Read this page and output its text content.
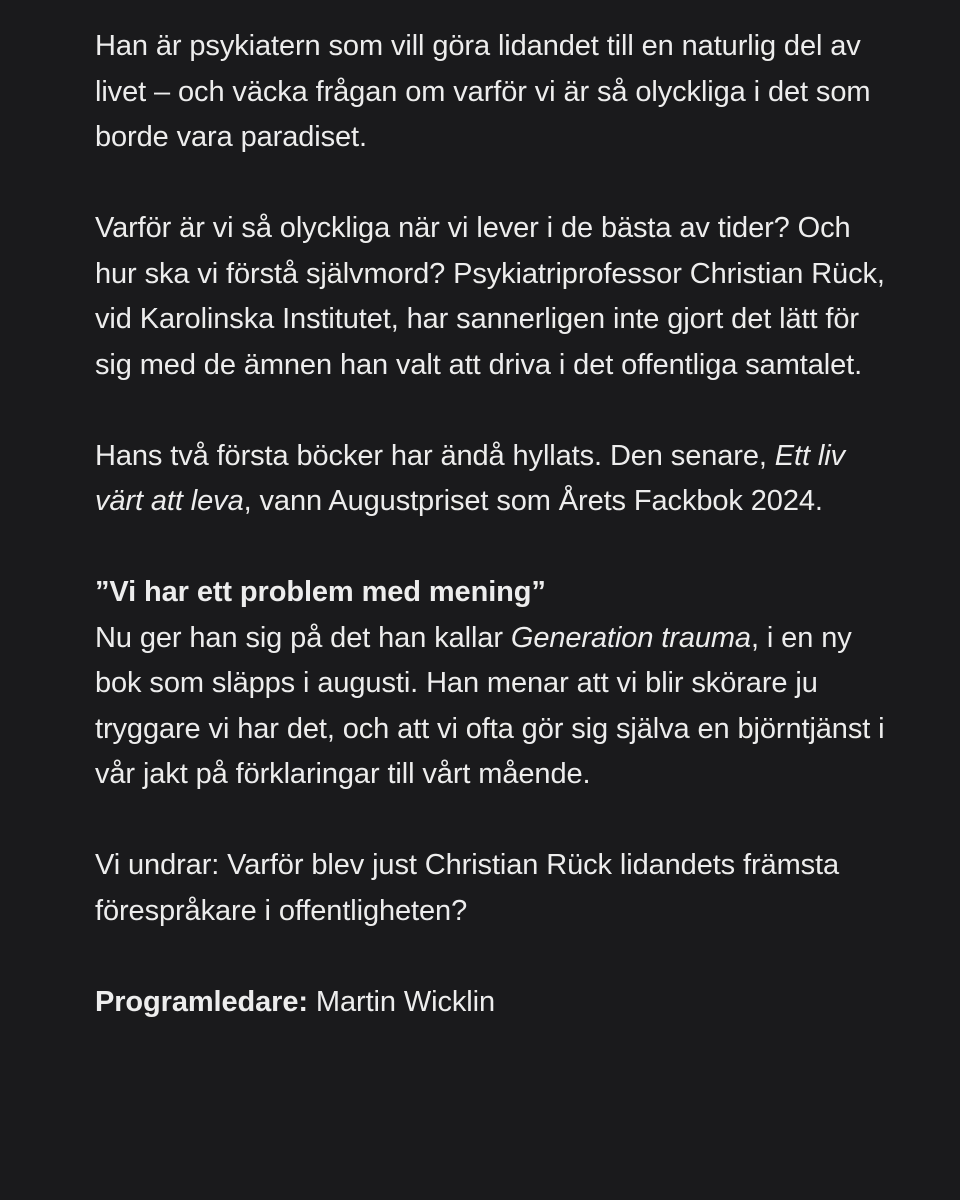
Han är psykiatern som vill göra lidandet till en naturlig del av livet – och väcka frågan om varför vi är så olyckliga i det som borde vara paradiset.

Varför är vi så olyckliga när vi lever i de bästa av tider? Och hur ska vi förstå självmord? Psykiatriprofessor Christian Rück, vid Karolinska Institutet, har sannerligen inte gjort det lätt för sig med de ämnen han valt att driva i det offentliga samtalet.

Hans två första böcker har ändå hyllats. Den senare, Ett liv värt att leva, vann Augustpriset som Årets Fackbok 2024.

”Vi har ett problem med mening”
Nu ger han sig på det han kallar Generation trauma, i en ny bok som släpps i augusti. Han menar att vi blir skörare ju tryggare vi har det, och att vi ofta gör sig själva en björntjänst i vår jakt på förklaringar till vårt mående.

Vi undrar: Varför blev just Christian Rück lidandets främsta förespråkare i offentligheten?

Programledare: Martin Wicklin
